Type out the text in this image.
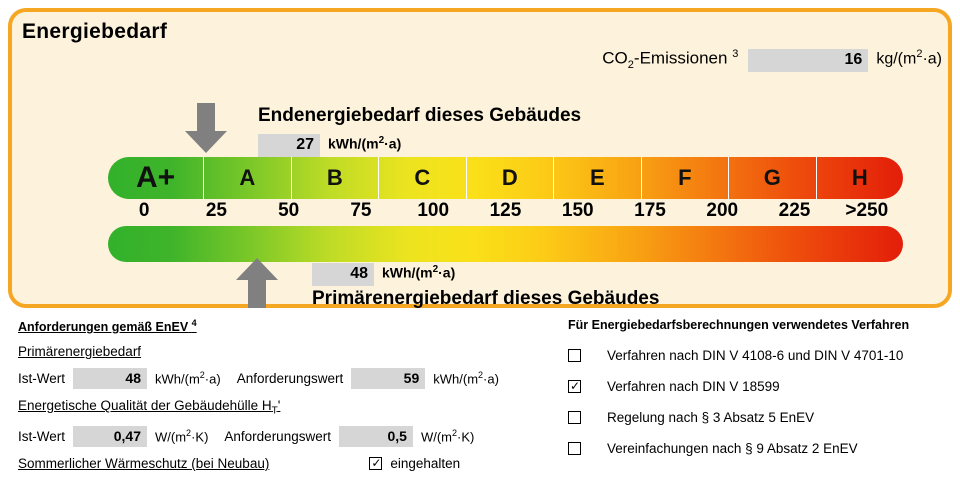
Energiebedarf
$CO_2$-Emissionen $^3$	16 $kg/(m^2\cdot a)$
Endenergiebedarf dieses Gebäudes
27	kWh/$(m^2\cdot a)$
A+	A	B	C	D	E	F	G	H
0	25	50	75	100	125	150	175	200	225	>250
48	kWh/$(m^2\cdot a)$
Primärenergiebedarf dieses Gebäudes
Anforderungen gemäß EnEV $^4$
Primärenergiebedarf
Ist-Wert	48	kWh/$(m^2\cdot a)$ Anforderungswert	59	kWh/$(m^2\cdot a)$
Energetische Qualität der Gebäudehülle $H_T'$
Ist-Wert	0,47	$W/(m^2\cdot K)$ Anforderungswert	0,5	$W/(m^2\cdot K)$
Sommerlicher Wärmeschutz (bei Neubau) ✓	eingehalten
Für Energiebedarfsberechnungen verwendetes Verfahren
Verfahren nach DIN V 4108-6 und DIN V 4701-10
✓
Verfahren nach DIN V 18599
Regelung nach § 3 Absatz 5 EnEV
Vereinfachungen nach § 9 Absatz 2 EnEV
